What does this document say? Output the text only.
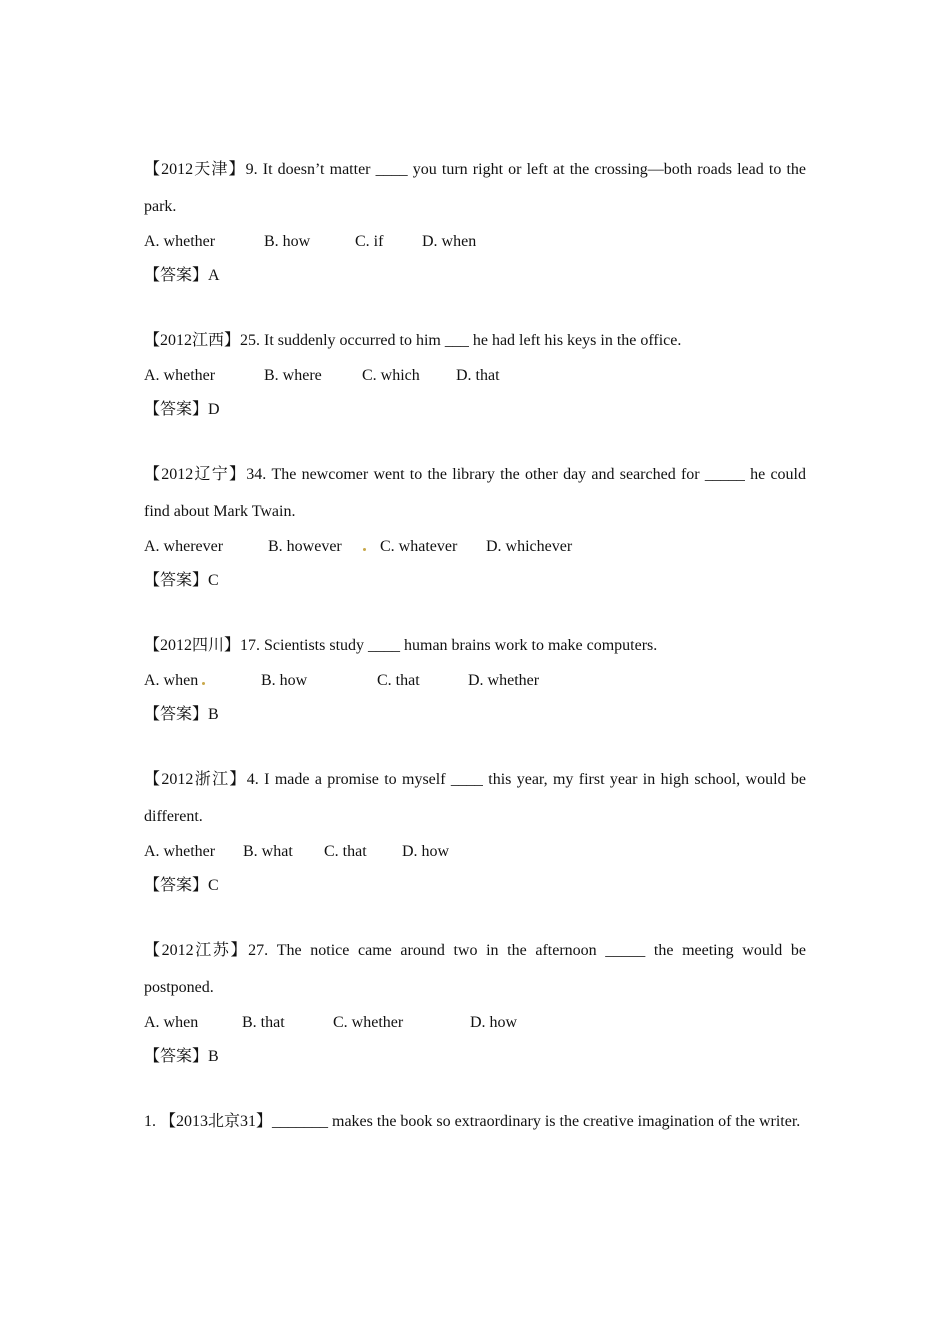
【2012天津】9. It doesn’t matter ____ you turn right or left at the crossing—both roads lead to the park.

A. whether	B. how	C. if D. when

【答案】A

【2012江西】25. It suddenly occurred to him ___ he had left his keys in the office.

A. whether	B. where	C. which D. that

【答案】D

【2012辽宁】34. The newcomer went to the library the other day and searched for _____ he could find about Mark Twain.

A. wherever	B. however C. whatever D. whichever

【答案】C

【2012四川】17. Scientists study ____ human brains work to make computers.

A. when	B. how	C. that	D. whether

【答案】B

【2012浙江】4. I made a promise to myself ____ this year, my first year in high school, would be different.

A. whether B. what C. that D. how

【答案】C

【2012江苏】27. The notice came around two in the afternoon _____ the meeting would be postponed.

A. when	B. that	C. whether	D. how

【答案】B

1. 【2013北京31】_______ makes the book so extraordinary is the creative imagination of the writer.
